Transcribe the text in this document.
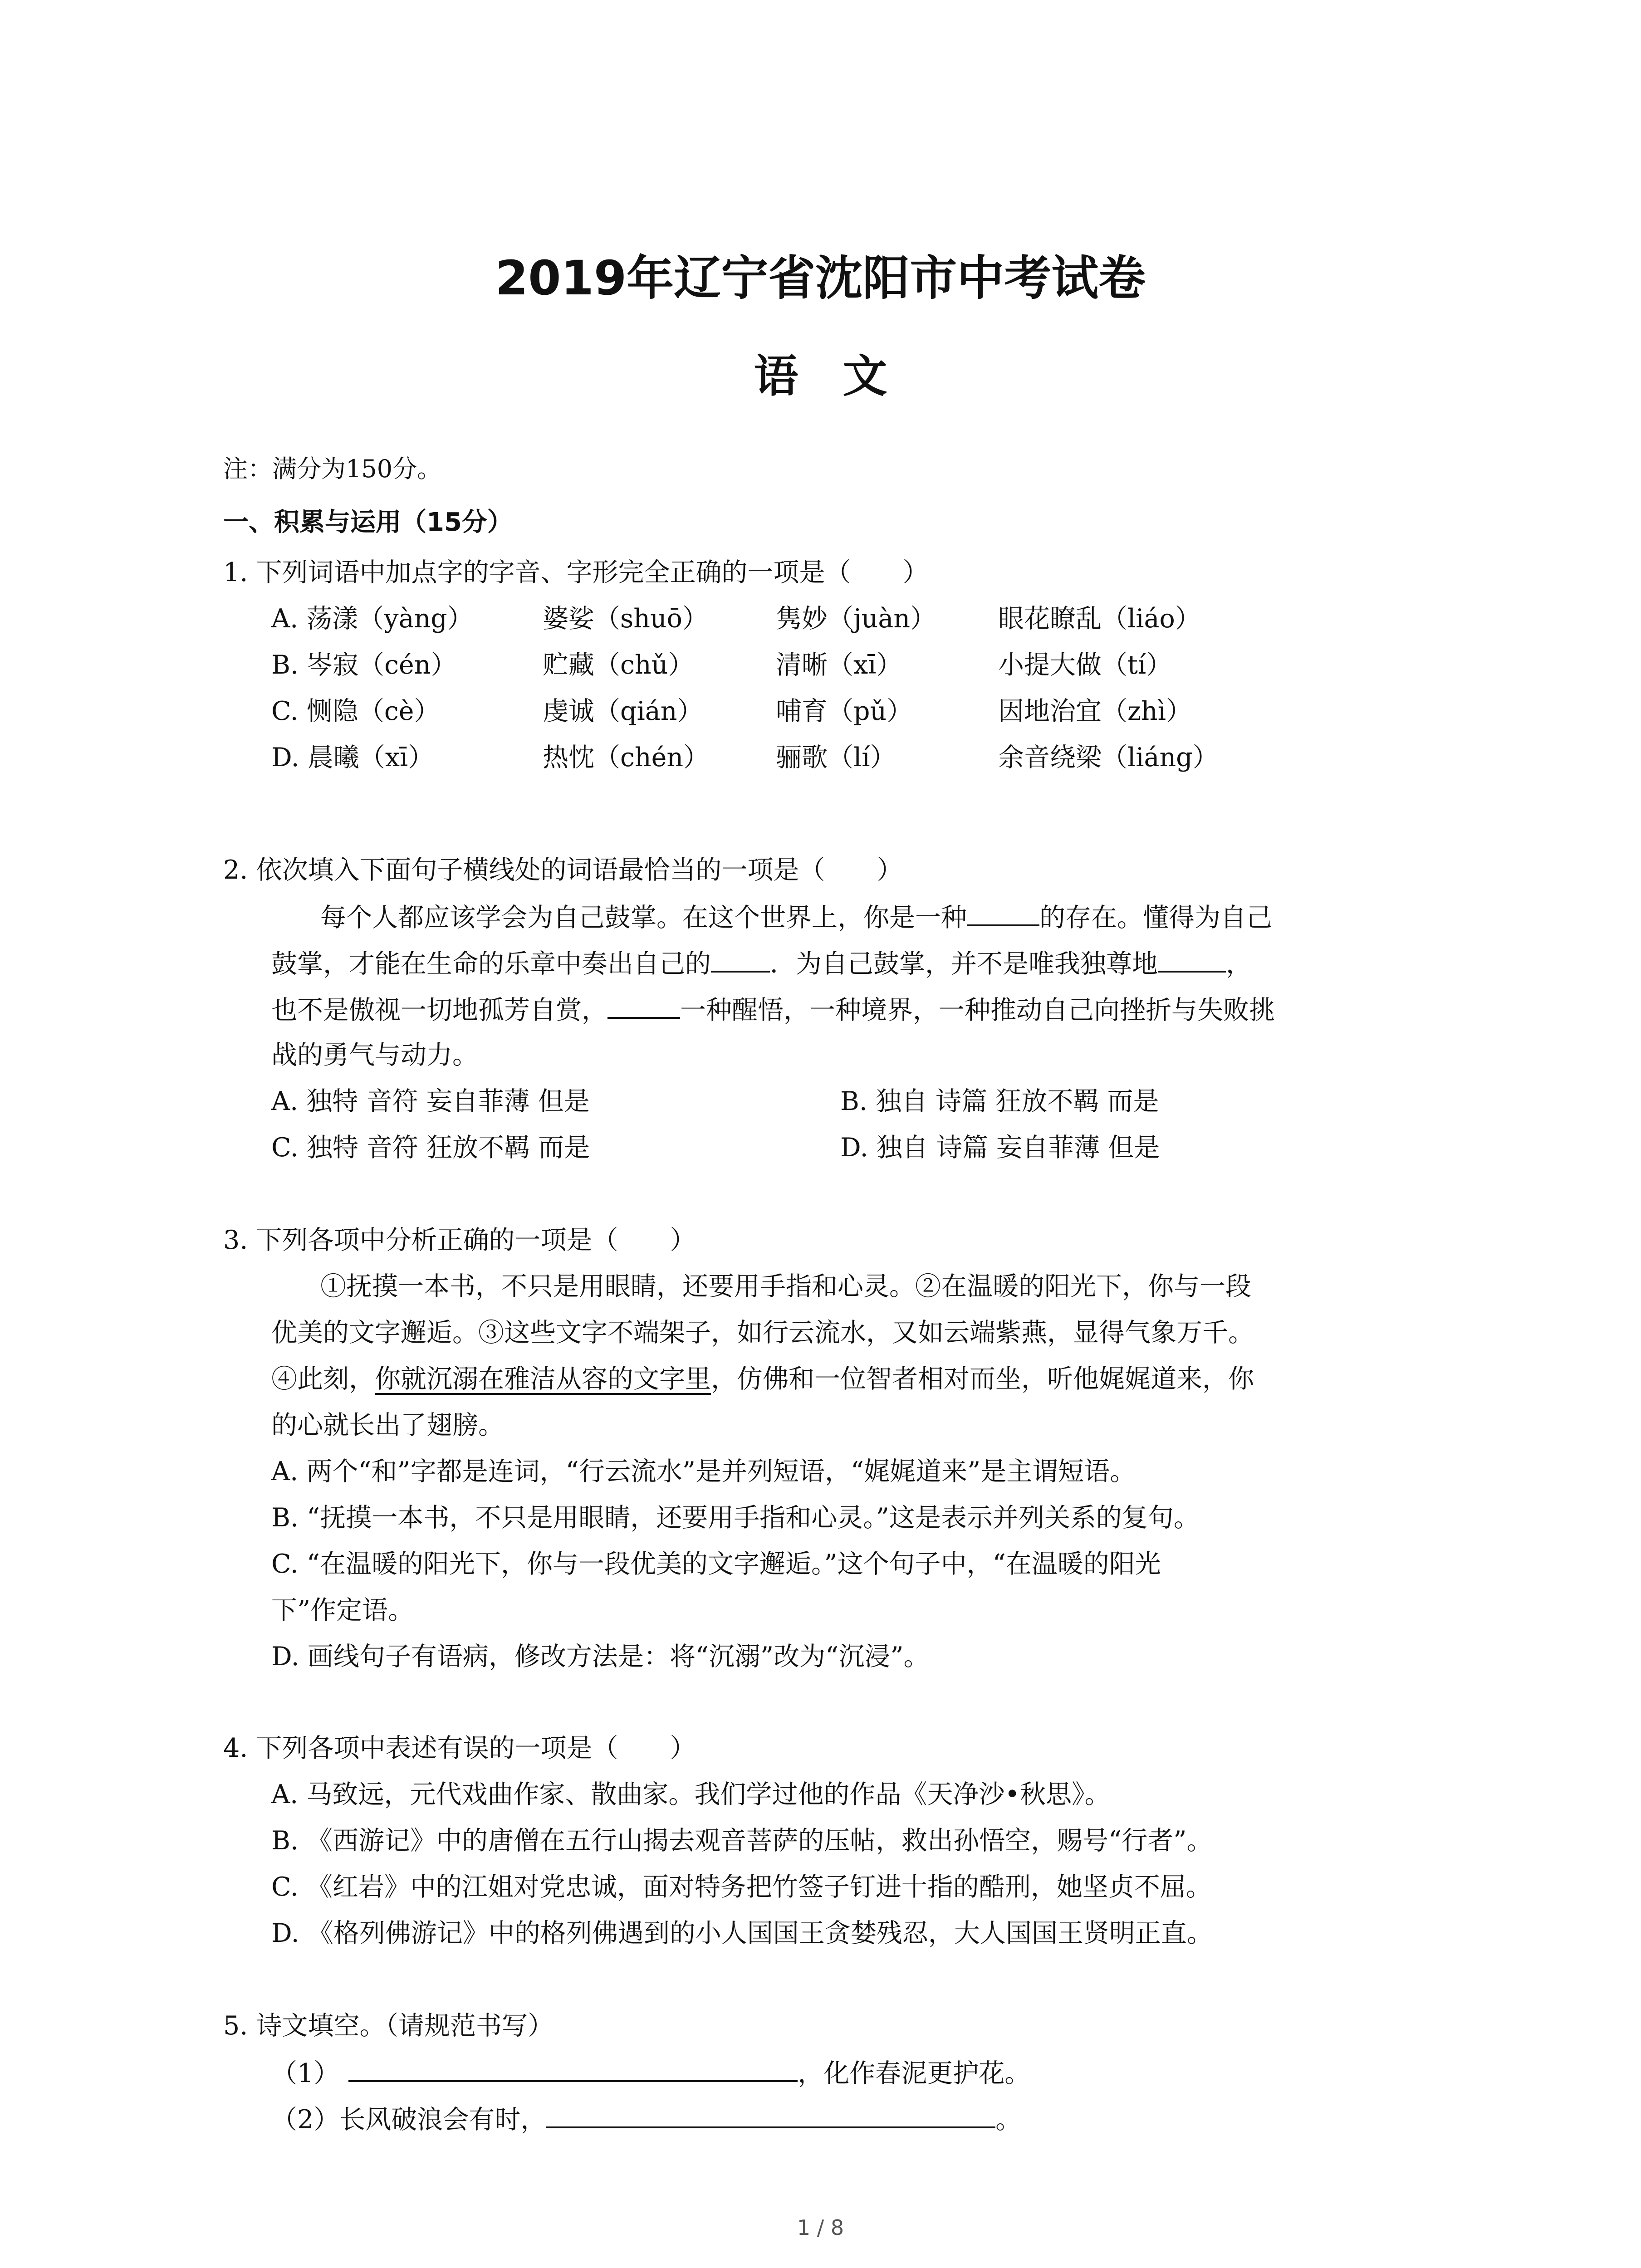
2019年辽宁省沈阳市中考试卷
语　文
注：满分为150分。
一、积累与运用（15分）
1. 下列词语中加点字的字音、字形完全正确的一项是（　　）
A. 荡漾（yàng）	婆娑（shuō）	隽妙（juàn） 眼花瞭乱（liáo）
B. 岑寂（cén）	贮藏（chǔ）	清晰（xī）	小提大做（tí）
C. 恻隐（cè）	虔诚（qián）	哺育（pǔ）	因地治宜（zhì）
D. 晨曦（xī）	热忱（chén）	骊歌（lí）	余音绕梁（liáng）
2. 依次填入下面句子横线处的词语最恰当的一项是（　　）
每个人都应该学会为自己鼓掌。在这个世界上，你是一种	的存在。懂得为自己
鼓掌，才能在生命的乐章中奏出自己的 ．为自己鼓掌，并不是唯我独尊地	，
也不是傲视一切地孤芳自赏，	一种醒悟，一种境界，一种推动自己向挫折与失败挑
战的勇气与动力。
A. 独特 音符 妄自菲薄 但是	B. 独自 诗篇 狂放不羁 而是
C. 独特 音符 狂放不羁 而是	D. 独自 诗篇 妄自菲薄 但是
3. 下列各项中分析正确的一项是（　　）
①抚摸一本书，不只是用眼睛，还要用手指和心灵。②在温暖的阳光下，你与一段
优美的文字邂逅。③这些文字不端架子，如行云流水，又如云端紫燕，显得气象万千。
④此刻，你就沉溺在雅洁从容的文字里，仿佛和一位智者相对而坐，听他娓娓道来，你
的心就长出了翅膀。
A. 两个“和”字都是连词，“行云流水”是并列短语，“娓娓道来”是主谓短语。
B. “抚摸一本书，不只是用眼睛，还要用手指和心灵。”这是表示并列关系的复句。
C. “在温暖的阳光下，你与一段优美的文字邂逅。”这个句子中，“在温暖的阳光
下”作定语。
D. 画线句子有语病，修改方法是：将“沉溺”改为“沉浸”。
4. 下列各项中表述有误的一项是（　　）
A. 马致远，元代戏曲作家、散曲家。我们学过他的作品《天净沙•秋思》。
B. 《西游记》中的唐僧在五行山揭去观音菩萨的压帖，救出孙悟空，赐号“行者”。
C. 《红岩》中的江姐对党忠诚，面对特务把竹签子钉进十指的酷刑，她坚贞不屈。
D. 《格列佛游记》中的格列佛遇到的小人国国王贪婪残忍，大人国国王贤明正直。
5. 诗文填空。（请规范书写）
（1）	，化作春泥更护花。
（2）长风破浪会有时，	。
1 / 8
